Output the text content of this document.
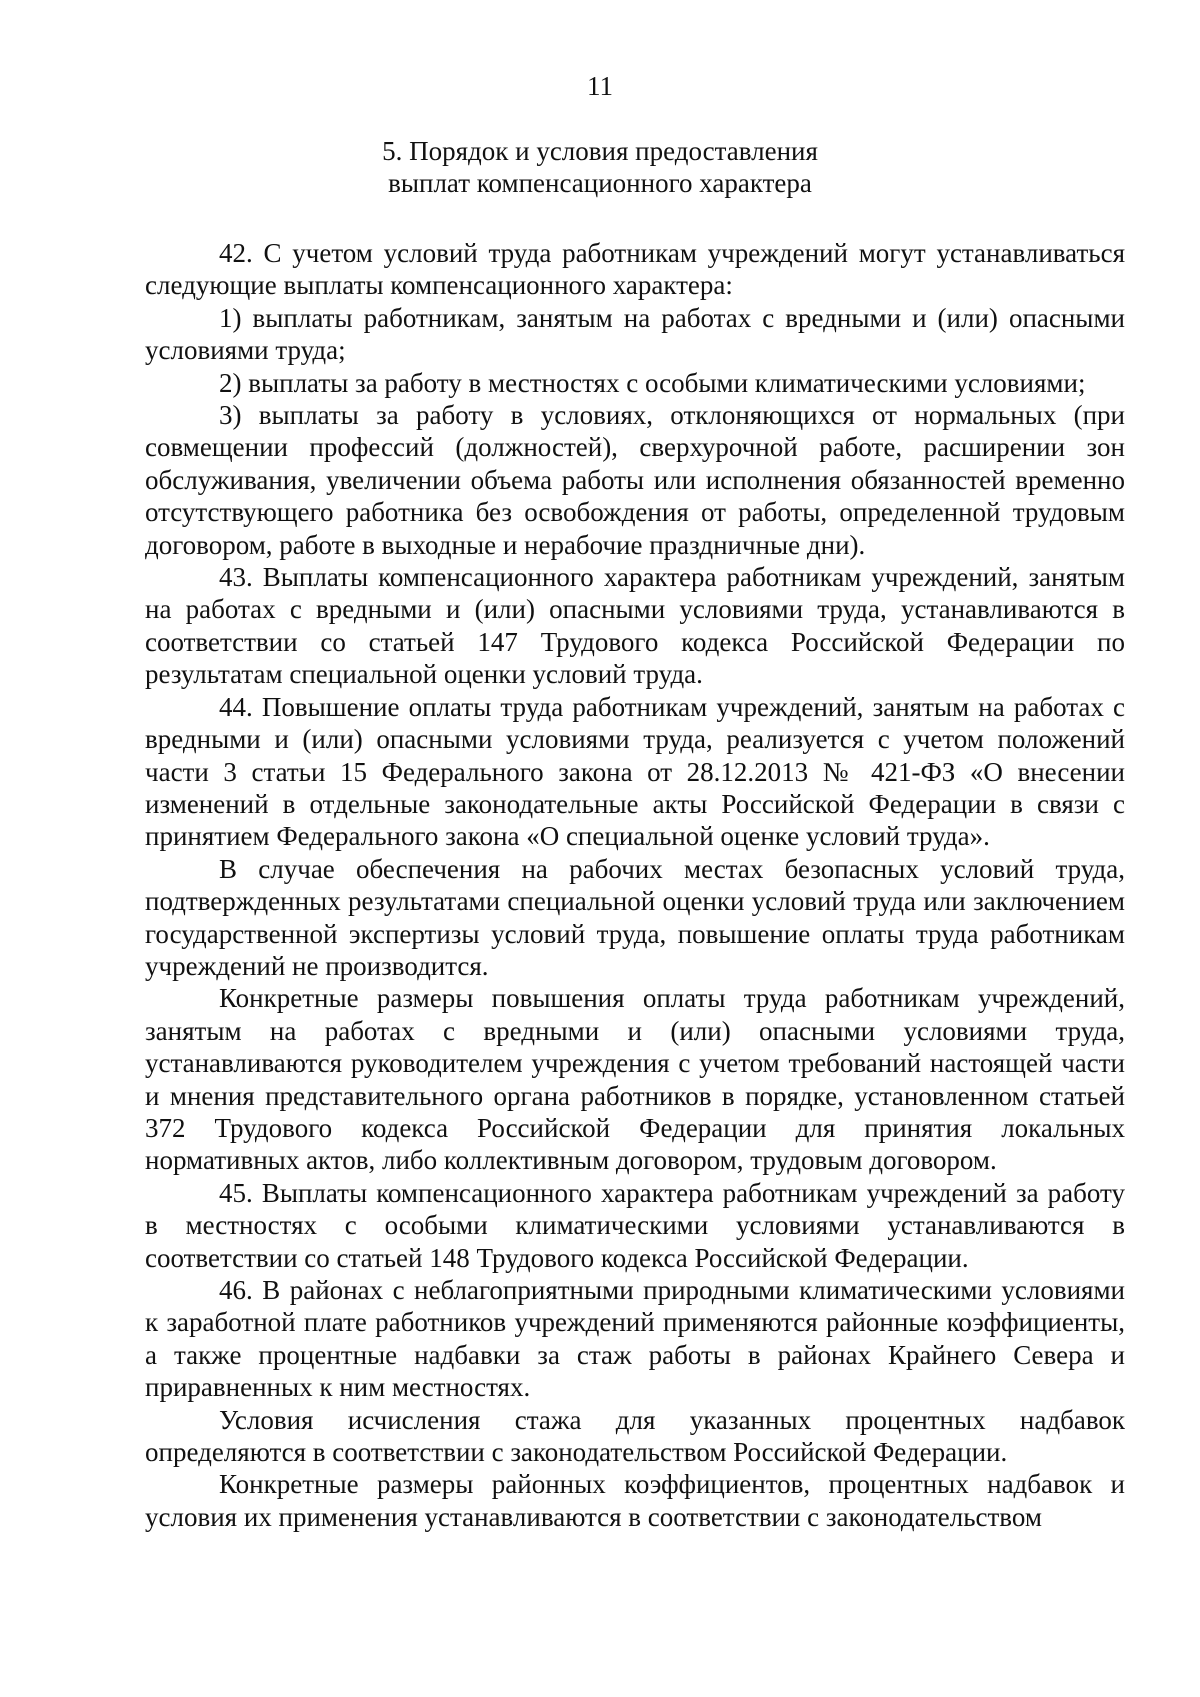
11
5. Порядок и условия предоставления
выплат компенсационного характера

42. С учетом условий труда работникам учреждений могут устанавливаться следующие выплаты компенсационного характера:

1) выплаты работникам, занятым на работах с вредными и (или) опасными условиями труда;

2) выплаты за работу в местностях с особыми климатическими условиями;

3) выплаты за работу в условиях, отклоняющихся от нормальных (при совмещении профессий (должностей), сверхурочной работе, расширении зон обслуживания, увеличении объема работы или исполнения обязанностей временно отсутствующего работника без освобождения от работы, определенной трудовым договором, работе в выходные и нерабочие праздничные дни).

43. Выплаты компенсационного характера работникам учреждений, занятым на работах с вредными и (или) опасными условиями труда, устанавливаются в соответствии со статьей 147 Трудового кодекса Российской Федерации по результатам специальной оценки условий труда.

44. Повышение оплаты труда работникам учреждений, занятым на работах с вредными и (или) опасными условиями труда, реализуется с учетом положений части 3 статьи 15 Федерального закона от 28.12.2013 № 421-ФЗ «О внесении изменений в отдельные законодательные акты Российской Федерации в связи с принятием Федерального закона «О специальной оценке условий труда».

В случае обеспечения на рабочих местах безопасных условий труда, подтвержденных результатами специальной оценки условий труда или заключением государственной экспертизы условий труда, повышение оплаты труда работникам учреждений не производится.

Конкретные размеры повышения оплаты труда работникам учреждений, занятым на работах с вредными и (или) опасными условиями труда, устанавливаются руководителем учреждения с учетом требований настоящей части и мнения представительного органа работников в порядке, установленном статьей 372 Трудового кодекса Российской Федерации для принятия локальных нормативных актов, либо коллективным договором, трудовым договором.

45. Выплаты компенсационного характера работникам учреждений за работу в местностях с особыми климатическими условиями устанавливаются в соответствии со статьей 148 Трудового кодекса Российской Федерации.

46. В районах с неблагоприятными природными климатическими условиями к заработной плате работников учреждений применяются районные коэффициенты, а также процентные надбавки за стаж работы в районах Крайнего Севера и приравненных к ним местностях.

Условия исчисления стажа для указанных процентных надбавок определяются в соответствии с законодательством Российской Федерации.

Конкретные размеры районных коэффициентов, процентных надбавок и условия их применения устанавливаются в соответствии с законодательством
